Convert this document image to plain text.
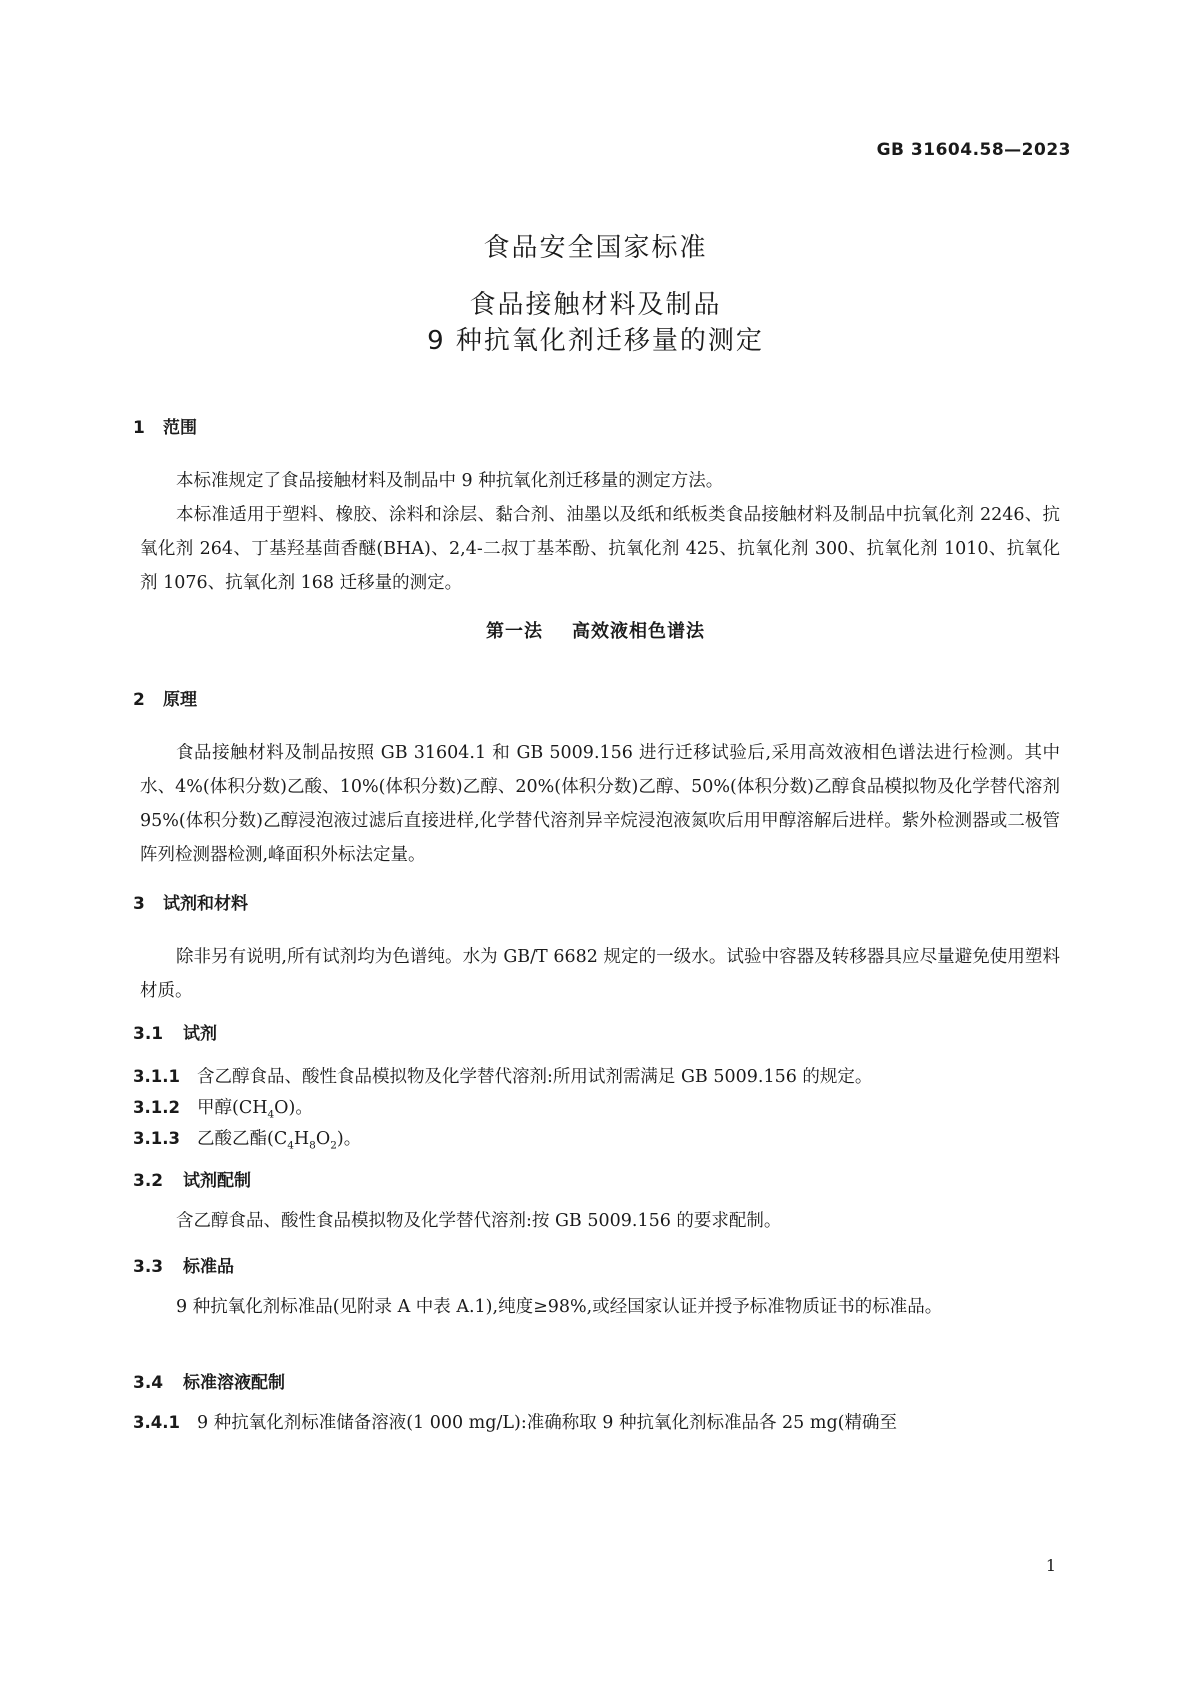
GB 31604.58—2023
食品安全国家标准
食品接触材料及制品
9 种抗氧化剂迁移量的测定
1 范围
本标准规定了食品接触材料及制品中 9 种抗氧化剂迁移量的测定方法。
本标准适用于塑料、橡胶、涂料和涂层、黏合剂、油墨以及纸和纸板类食品接触材料及制品中抗氧化剂 2246、抗氧化剂 264、丁基羟基茴香醚(BHA)、2,4-二叔丁基苯酚、抗氧化剂 425、抗氧化剂 300、抗氧化剂 1010、抗氧化剂 1076、抗氧化剂 168 迁移量的测定。
第一法 高效液相色谱法
2 原理
食品接触材料及制品按照 GB 31604.1 和 GB 5009.156 进行迁移试验后,采用高效液相色谱法进行检测。其中水、4%(体积分数)乙酸、10%(体积分数)乙醇、20%(体积分数)乙醇、50%(体积分数)乙醇食品模拟物及化学替代溶剂 95%(体积分数)乙醇浸泡液过滤后直接进样,化学替代溶剂异辛烷浸泡液氮吹后用甲醇溶解后进样。紫外检测器或二极管阵列检测器检测,峰面积外标法定量。
3 试剂和材料
除非另有说明,所有试剂均为色谱纯。水为 GB/T 6682 规定的一级水。试验中容器及转移器具应尽量避免使用塑料材质。
3.1 试剂
3.1.1 含乙醇食品、酸性食品模拟物及化学替代溶剂:所用试剂需满足 GB 5009.156 的规定。
3.1.2 甲醇$(CH_4O)$。
3.1.3 乙酸乙酯$(C_4H_8O_2)$。
3.2 试剂配制
含乙醇食品、酸性食品模拟物及化学替代溶剂:按 GB 5009.156 的要求配制。
3.3 标准品
9 种抗氧化剂标准品(见附录 A 中表 A.1),纯度≥98%,或经国家认证并授予标准物质证书的标准品。
3.4 标准溶液配制
3.4.1 9 种抗氧化剂标准储备溶液(1 000 mg/L):准确称取 9 种抗氧化剂标准品各 25 mg(精确至
1
